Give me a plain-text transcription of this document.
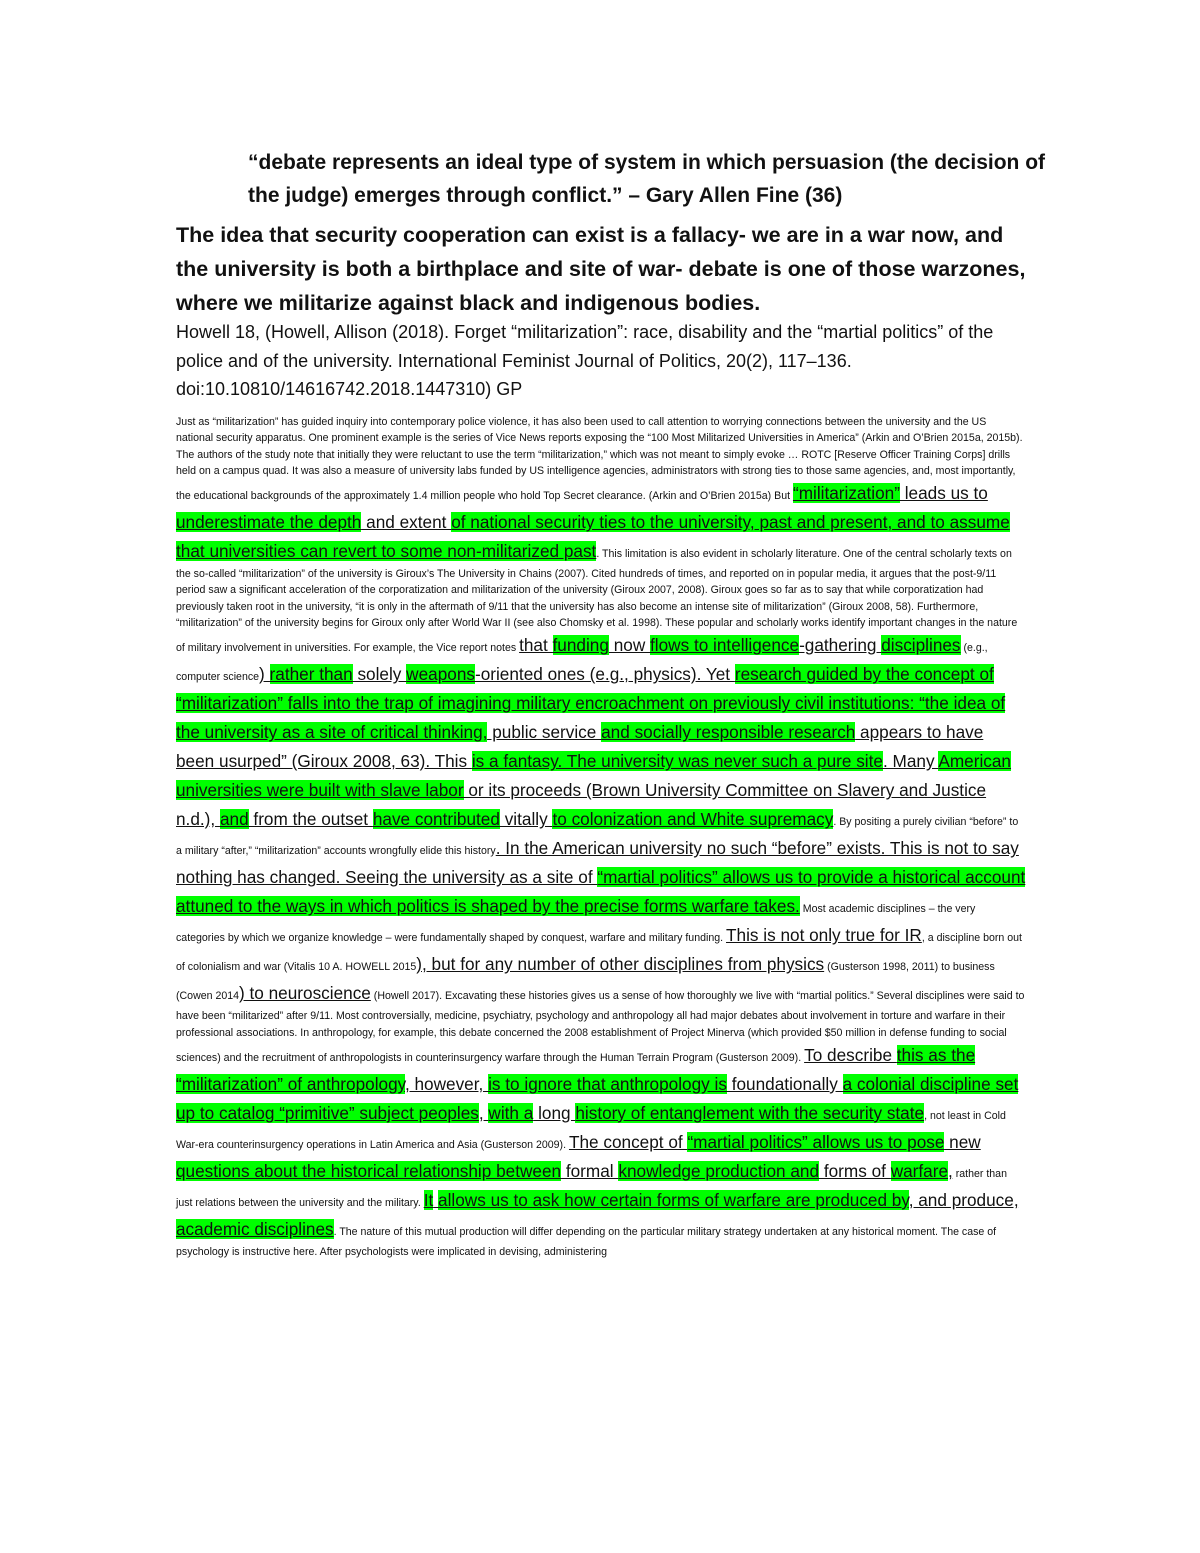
“debate represents an ideal type of system in which persuasion (the decision of the judge) emerges through conflict.” – Gary Allen Fine (36)
The idea that security cooperation can exist is a fallacy- we are in a war now, and the university is both a birthplace and site of war- debate is one of those warzones, where we militarize against black and indigenous bodies.
Howell 18, (Howell, Allison (2018). Forget “militarization”: race, disability and the “martial politics” of the police and of the university. International Feminist Journal of Politics, 20(2), 117–136. doi:10.10810/14616742.2018.1447310) GP

Just as “militarization” has guided inquiry into contemporary police violence, it has also been used to call attention to worrying connections between the university and the US national security apparatus. One prominent example is the series of Vice News reports exposing the “100 Most Militarized Universities in America” (Arkin and O’Brien 2015a, 2015b). The authors of the study note that initially they were reluctant to use the term “militarization,” which was not meant to simply evoke … ROTC [Reserve Officer Training Corps] drills held on a campus quad. It was also a measure of university labs funded by US intelligence agencies, administrators with strong ties to those same agencies, and, most importantly, the educational backgrounds of the approximately 1.4 million people who hold Top Secret clearance. (Arkin and O’Brien 2015a) But “militarization” leads us to underestimate the depth and extent of national security ties to the university, past and present, and to assume that universities can revert to some non-militarized past. This limitation is also evident in scholarly literature. One of the central scholarly texts on the so-called “militarization” of the university is Giroux’s The University in Chains (2007). Cited hundreds of times, and reported on in popular media, it argues that the post-9/11 period saw a significant acceleration of the corporatization and militarization of the university (Giroux 2007, 2008). Giroux goes so far as to say that while corporatization had previously taken root in the university, “it is only in the aftermath of 9/11 that the university has also become an intense site of militarization” (Giroux 2008, 58). Furthermore, “militarization” of the university begins for Giroux only after World War II (see also Chomsky et al. 1998). These popular and scholarly works identify important changes in the nature of military involvement in universities. For example, the Vice report notes that funding now flows to intelligence-gathering disciplines (e.g., computer science) rather than solely weapons-oriented ones (e.g., physics). Yet research guided by the concept of “militarization” falls into the trap of imagining military encroachment on previously civil institutions: “the idea of the university as a site of critical thinking, public service and socially responsible research appears to have been usurped” (Giroux 2008, 63). This is a fantasy. The university was never such a pure site. Many American universities were built with slave labor or its proceeds (Brown University Committee on Slavery and Justice n.d.), and from the outset have contributed vitally to colonization and White supremacy. By positing a purely civilian “before” to a military “after,” “militarization” accounts wrongfully elide this history. In the American university no such “before” exists. This is not to say nothing has changed. Seeing the university as a site of “martial politics” allows us to provide a historical account attuned to the ways in which politics is shaped by the precise forms warfare takes. Most academic disciplines – the very categories by which we organize knowledge – were fundamentally shaped by conquest, warfare and military funding. This is not only true for IR, a discipline born out of colonialism and war (Vitalis 10 A. HOWELL 2015), but for any number of other disciplines from physics (Gusterson 1998, 2011) to business (Cowen 2014) to neuroscience (Howell 2017). Excavating these histories gives us a sense of how thoroughly we live with “martial politics.” Several disciplines were said to have been “militarized” after 9/11. Most controversially, medicine, psychiatry, psychology and anthropology all had major debates about involvement in torture and warfare in their professional associations. In anthropology, for example, this debate concerned the 2008 establishment of Project Minerva (which provided $50 million in defense funding to social sciences) and the recruitment of anthropologists in counterinsurgency warfare through the Human Terrain Program (Gusterson 2009). To describe this as the “militarization” of anthropology, however, is to ignore that anthropology is foundationally a colonial discipline set up to catalog “primitive” subject peoples, with a long history of entanglement with the security state, not least in Cold War-era counterinsurgency operations in Latin America and Asia (Gusterson 2009). The concept of “martial politics” allows us to pose new questions about the historical relationship between formal knowledge production and forms of warfare, rather than just relations between the university and the military. It allows us to ask how certain forms of warfare are produced by, and produce, academic disciplines. The nature of this mutual production will differ depending on the particular military strategy undertaken at any historical moment. The case of psychology is instructive here. After psychologists were implicated in devising, administering
